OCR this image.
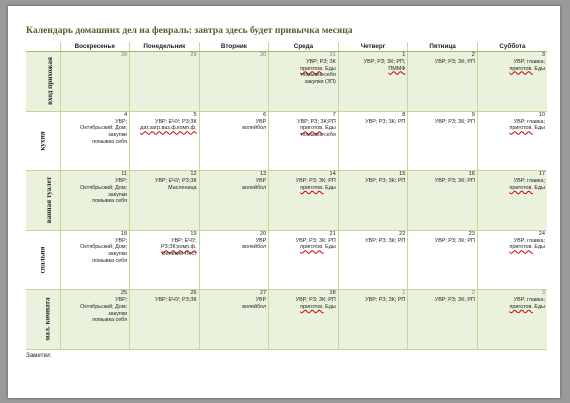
Календарь домашних дел на февраль: завтра здесь будет привычка месяца
	Воскресенье	Понедельник	Вторник	Среда	Четверг	Пятница	Суббота
вход прихожая	28	29	30	31
УВР; РЗ; ЗК
приготов. Еды
помывка себя
закупки (ЗП)	1
УВР; РЗ; ЗК; РП;
ПММФ	2
УВР; РЗ; ЗК; РП	3
УВР; главка;
приготов. Еды

кухня	4
УВР;
Октябрьский; Дом;
закупки
помывка себя	5
УВР; ЕЧУ; РЗ;ЗК
дат.загр.ваз.ф.комп.ф.	6
УВР
волейбол	7
УВР; РЗ; ЗК;РП
приготов. Еды
помывка себя	8
УВР; РЗ; ЗК; РП	9
УВР; РЗ; ЗК; РП	10
УВР; главка;
приготов. Еды

ванная туалет	11
УВР;
Октябрьский; Дом;
закупки
помывка себя	12
УВР; ЕЧУ; РЗ;ЗК
Масленица	13
УВР
волейбол	14
УВР; РЗ; ЗК; РП
приготов. Еды	15
УВР; РЗ; ЗК; РП	16
УВР; РЗ; ЗК; РП	17
УВР; главка;
приготов. Еды

спальня	18
УВР;
Октябрьский; Дом;
закупки
помывка себя	19
УВР; ЕЧУ;
РЗ;ЗК;комп.ф.
Великий Пост	20
УВР
волейбол	21
УВР; РЗ; ЗК; РП
приготов. Еды	22
УВР; РЗ; ЗК; РП	23
УВР; РЗ; ЗК; РП	24
УВР; главка;
приготов. Еды

мал. комната	25
УВР;
Октябрьский; Дом;
закупки
помывка себя	26
УВР; ЕЧУ; РЗ;ЗК	27
УВР
волейбол	28
УВР; РЗ; ЗК; РП
приготов. Еды	1
УВР; РЗ; ЗК; РП	2
УВР; РЗ; ЗК; РП	3
УВР; главка;
приготов. Еды
Заметки:
